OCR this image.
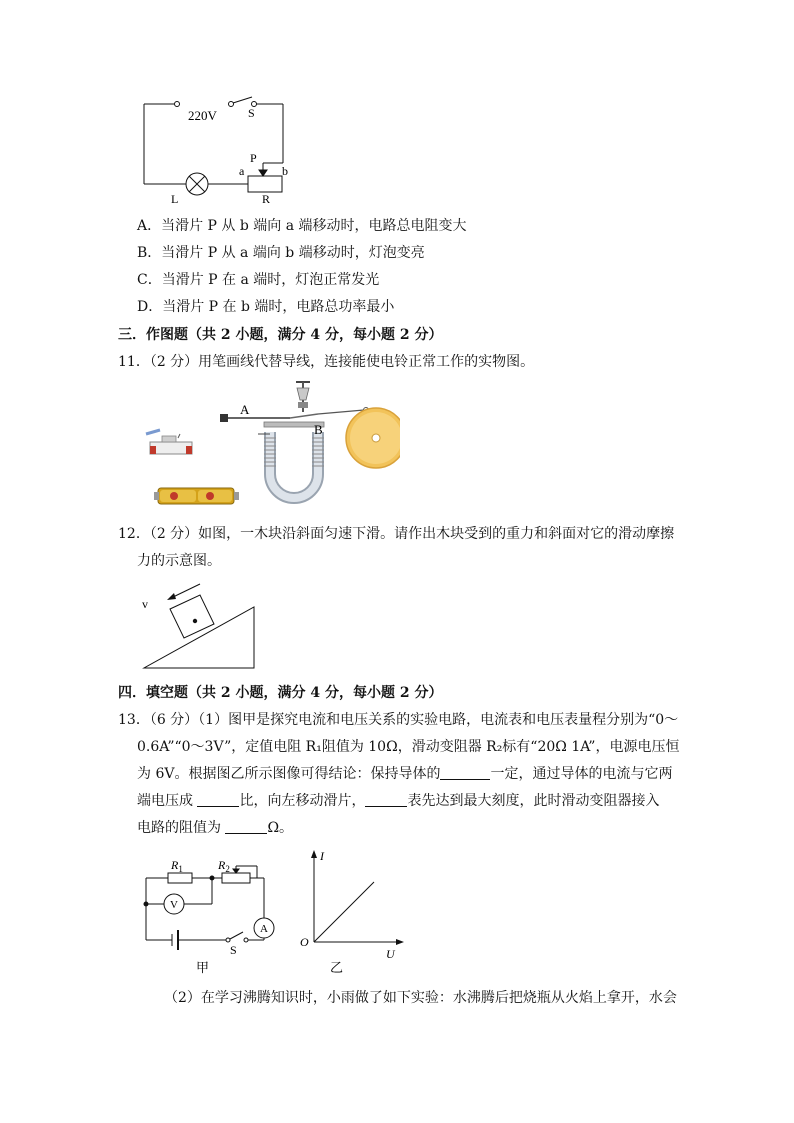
220V	S
P
a	b
R
L
A．当滑片 P 从 b 端向 a 端移动时，电路总电阻变大
B．当滑片 P 从 a 端向 b 端移动时，灯泡变亮
C．当滑片 P 在 a 端时，灯泡正常发光
D．当滑片 P 在 b 端时，电路总功率最小
三．作图题（共 2 小题，满分 4 分，每小题 2 分）
11．（2 分）用笔画线代替导线，连接能使电铃正常工作的实物图。
A
B
12．（2 分）如图，一木块沿斜面匀速下滑。请作出木块受到的重力和斜面对它的滑动摩擦
力的示意图。
v
四．填空题（共 2 小题，满分 4 分，每小题 2 分）
13．（6 分）（1）图甲是探究电流和电压关系的实验电路，电流表和电压表量程分别为“0～
0.6A”“0～3V”，定值电阻 R₁阻值为 10Ω，滑动变阻器 R₂标有“20Ω 1A”，电源电压恒
为 6V。根据图乙所示图像可得结论：保持导体的	一定，通过导体的电流与它两
端电压成	比，向左移动滑片，	表先达到最大刻度，此时滑动变阻器接入
电路的阻值为	Ω。
$R_1$	$R_2$
V
A
S
甲
I
U
O
乙
（2）在学习沸腾知识时，小雨做了如下实验：水沸腾后把烧瓶从火焰上拿开，水会
